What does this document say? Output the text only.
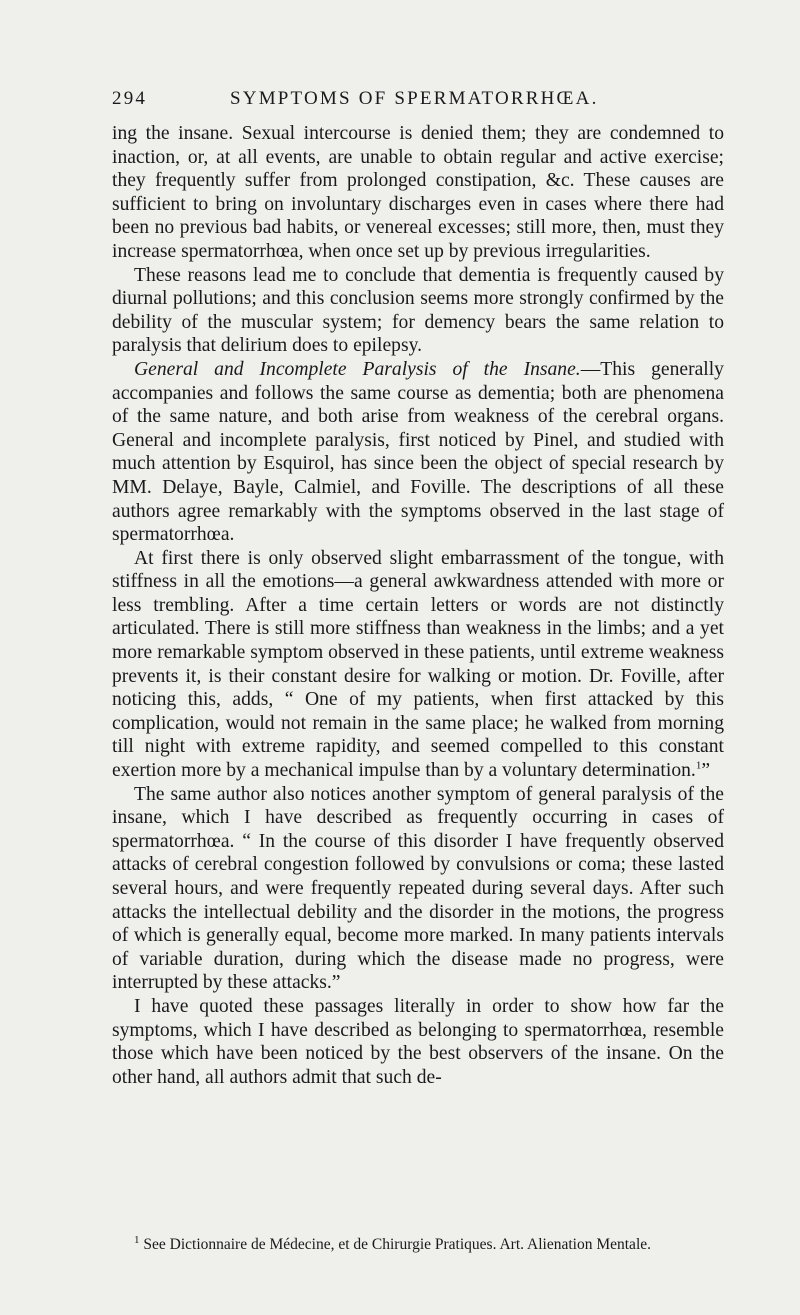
294	SYMPTOMS OF SPERMATORRHŒA.

ing the insane. Sexual intercourse is denied them; they are condemned to inaction, or, at all events, are unable to obtain regular and active exercise; they frequently suffer from prolonged constipation, &c. These causes are sufficient to bring on involuntary discharges even in cases where there had been no previous bad habits, or venereal excesses; still more, then, must they increase spermatorrhœa, when once set up by previous irregularities.

These reasons lead me to conclude that dementia is frequently caused by diurnal pollutions; and this conclusion seems more strongly confirmed by the debility of the muscular system; for demency bears the same relation to paralysis that delirium does to epilepsy.

General and Incomplete Paralysis of the Insane.—This generally accompanies and follows the same course as dementia; both are phenomena of the same nature, and both arise from weakness of the cerebral organs. General and incomplete paralysis, first noticed by Pinel, and studied with much attention by Esquirol, has since been the object of special research by MM. Delaye, Bayle, Calmiel, and Foville. The descriptions of all these authors agree remarkably with the symptoms observed in the last stage of spermatorrhœa.

At first there is only observed slight embarrassment of the tongue, with stiffness in all the emotions—a general awkwardness attended with more or less trembling. After a time certain letters or words are not distinctly articulated. There is still more stiffness than weakness in the limbs; and a yet more remarkable symptom observed in these patients, until extreme weakness prevents it, is their constant desire for walking or motion. Dr. Foville, after noticing this, adds, “ One of my patients, when first attacked by this complication, would not remain in the same place; he walked from morning till night with extreme rapidity, and seemed compelled to this constant exertion more by a mechanical impulse than by a voluntary determination.$^1$”

The same author also notices another symptom of general paralysis of the insane, which I have described as frequently occurring in cases of spermatorrhœa. “ In the course of this disorder I have frequently observed attacks of cerebral congestion followed by convulsions or coma; these lasted several hours, and were frequently repeated during several days. After such attacks the intellectual debility and the disorder in the motions, the progress of which is generally equal, become more marked. In many patients intervals of variable duration, during which the disease made no progress, were interrupted by these attacks.”

I have quoted these passages literally in order to show how far the symptoms, which I have described as belonging to spermatorrhœa, resemble those which have been noticed by the best observers of the insane. On the other hand, all authors admit that such de-

$^1$ See Dictionnaire de Médecine, et de Chirurgie Pratiques. Art. Alienation Mentale.
